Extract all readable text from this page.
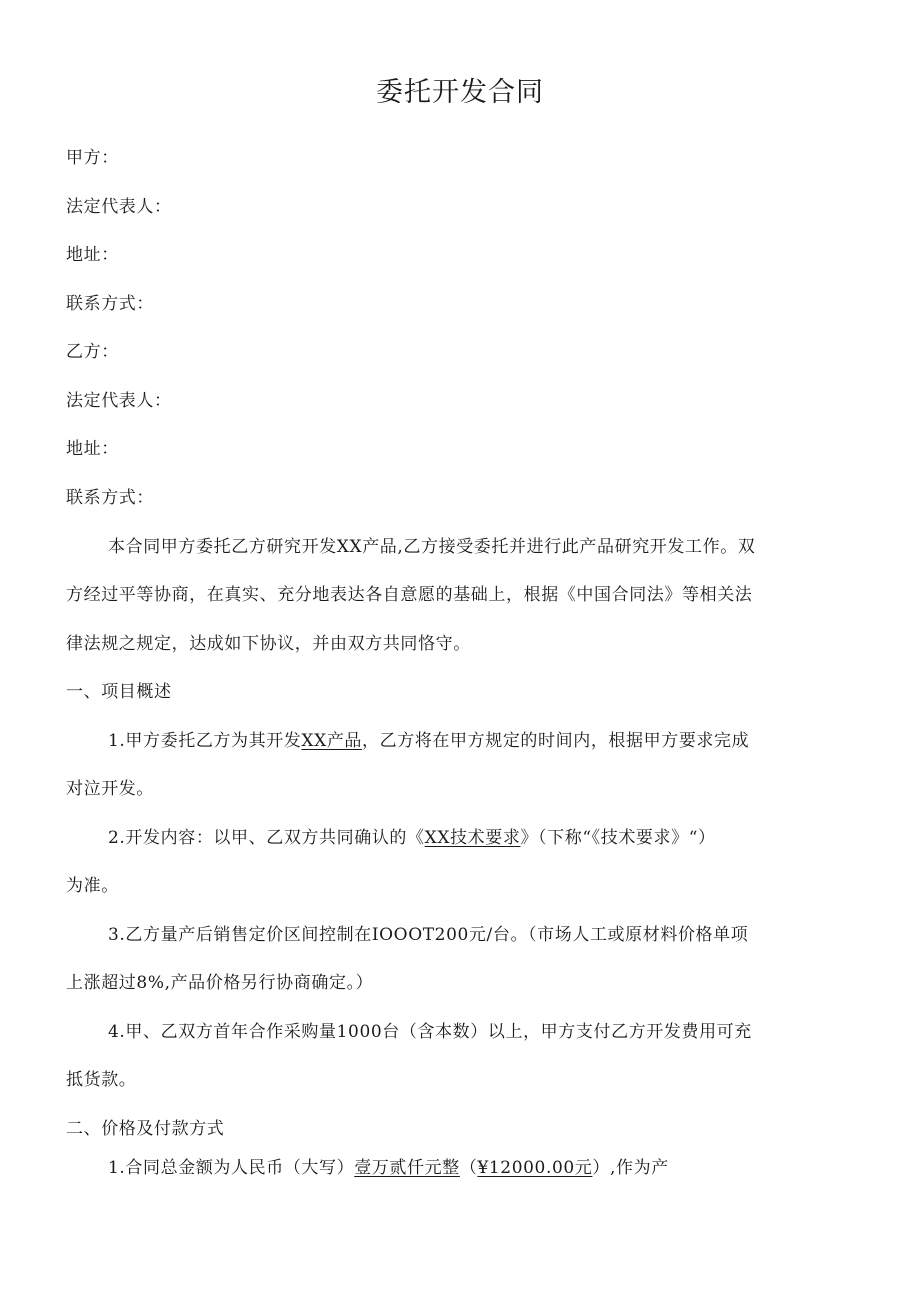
委托开发合同
甲方：
法定代表人：
地址：
联系方式：
乙方：
法定代表人：
地址：
联系方式：
本合同甲方委托乙方研究开发XX产品,乙方接受委托并进行此产品研究开发工作。双
方经过平等协商，在真实、充分地表达各自意愿的基础上，根据《中国合同法》等相关法
律法规之规定，达成如下协议，并由双方共同恪守。
一、项目概述
1.甲方委托乙方为其开发XX产品，乙方将在甲方规定的时间内，根据甲方要求完成
对泣开发。
2.开发内容：以甲、乙双方共同确认的《XX技术要求》（下称“《技术要求》“）
为准。
3.乙方量产后销售定价区间控制在IOOOT200元/台。（市场人工或原材料价格单项
上涨超过8%,产品价格另行协商确定。）
4.甲、乙双方首年合作采购量1000台（含本数）以上，甲方支付乙方开发费用可充
抵货款。
二、价格及付款方式
1.合同总金额为人民币（大写）壹万贰仟元整（¥12000.00元）,作为产
